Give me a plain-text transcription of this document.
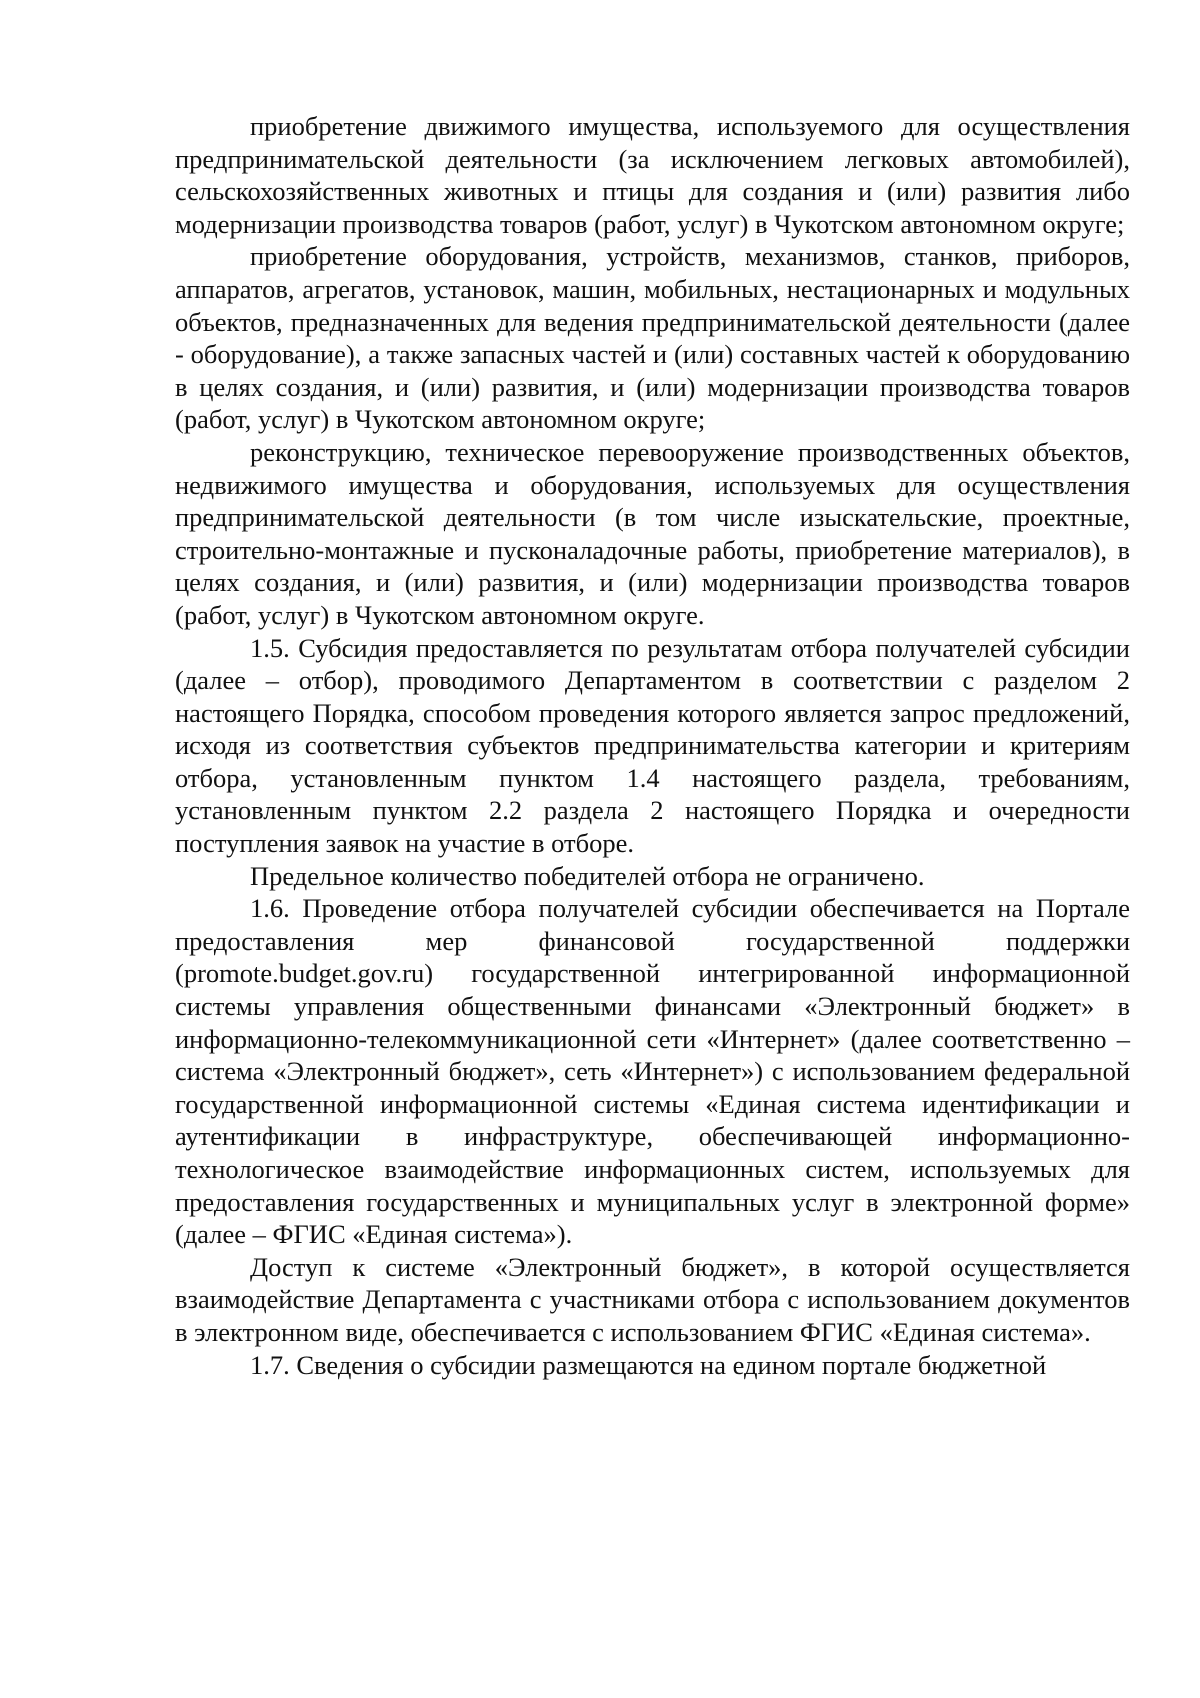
приобретение движимого имущества, используемого для осуществления предпринимательской деятельности (за исключением легковых автомобилей), сельскохозяйственных животных и птицы для создания и (или) развития либо модернизации производства товаров (работ, услуг) в Чукотском автономном округе;

приобретение оборудования, устройств, механизмов, станков, приборов, аппаратов, агрегатов, установок, машин, мобильных, нестационарных и модульных объектов, предназначенных для ведения предпринимательской деятельности (далее - оборудование), а также запасных частей и (или) составных частей к оборудованию в целях создания, и (или) развития, и (или) модернизации производства товаров (работ, услуг) в Чукотском автономном округе;

реконструкцию, техническое перевооружение производственных объектов, недвижимого имущества и оборудования, используемых для осуществления предпринимательской деятельности (в том числе изыскательские, проектные, строительно-монтажные и пусконаладочные работы, приобретение материалов), в целях создания, и (или) развития, и (или) модернизации производства товаров (работ, услуг) в Чукотском автономном округе.

1.5. Субсидия предоставляется по результатам отбора получателей субсидии (далее – отбор), проводимого Департаментом в соответствии с разделом 2 настоящего Порядка, способом проведения которого является запрос предложений, исходя из соответствия субъектов предпринимательства категории и критериям отбора, установленным пунктом 1.4 настоящего раздела, требованиям, установленным пунктом 2.2 раздела 2 настоящего Порядка и очередности поступления заявок на участие в отборе.

Предельное количество победителей отбора не ограничено.

1.6. Проведение отбора получателей субсидии обеспечивается на Портале предоставления мер финансовой государственной поддержки (promote.budget.gov.ru) государственной интегрированной информационной системы управления общественными финансами «Электронный бюджет» в информационно-телекоммуникационной сети «Интернет» (далее соответственно – система «Электронный бюджет», сеть «Интернет») с использованием федеральной государственной информационной системы «Единая система идентификации и аутентификации в инфраструктуре, обеспечивающей информационно-технологическое взаимодействие информационных систем, используемых для предоставления государственных и муниципальных услуг в электронной форме» (далее – ФГИС «Единая система»).

Доступ к системе «Электронный бюджет», в которой осуществляется взаимодействие Департамента с участниками отбора с использованием документов в электронном виде, обеспечивается с использованием ФГИС «Единая система».

1.7. Сведения о субсидии размещаются на едином портале бюджетной
